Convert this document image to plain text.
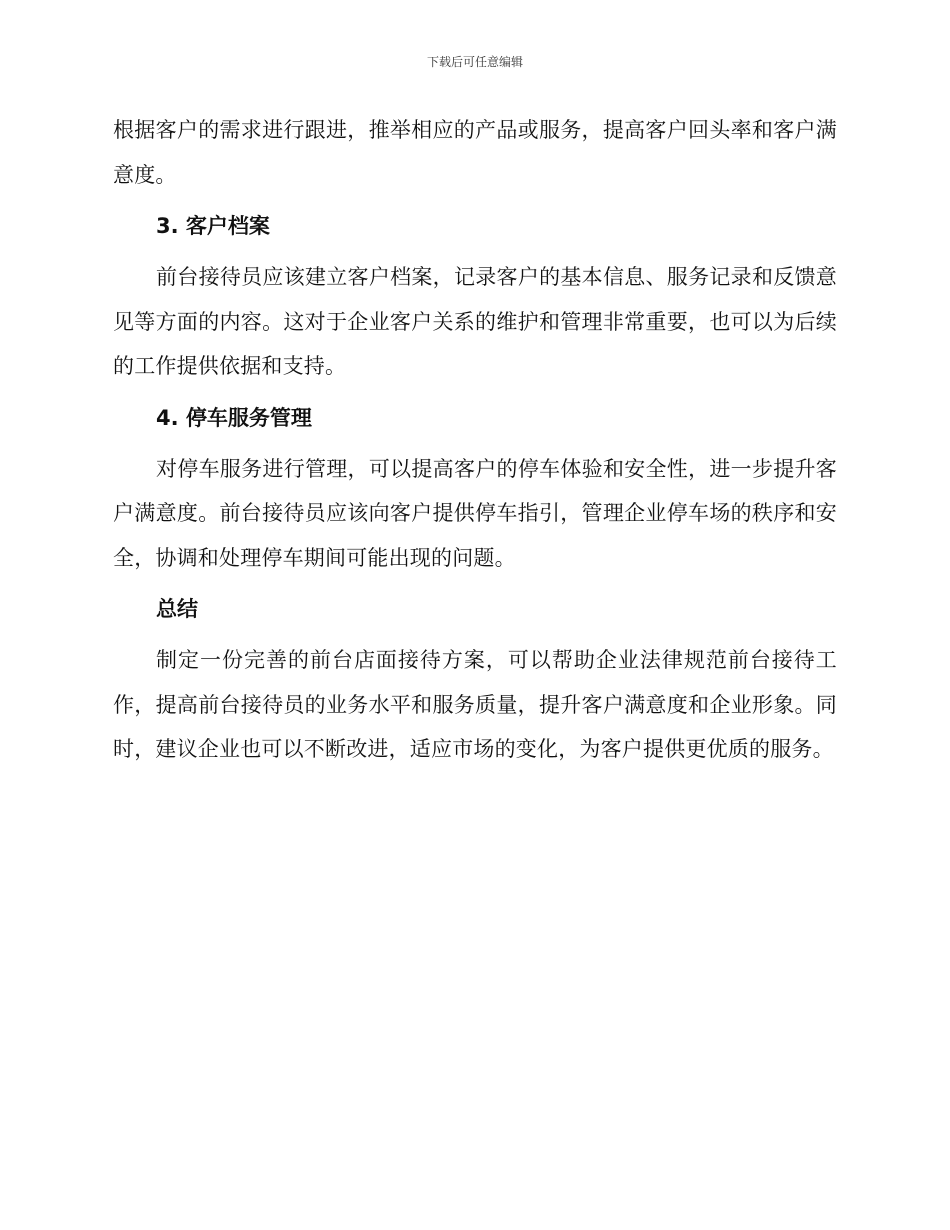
下载后可任意编辑

根据客户的需求进行跟进，推举相应的产品或服务，提高客户回头率和客户满意度。

3. 客户档案

前台接待员应该建立客户档案，记录客户的基本信息、服务记录和反馈意见等方面的内容。这对于企业客户关系的维护和管理非常重要，也可以为后续的工作提供依据和支持。

4. 停车服务管理

对停车服务进行管理，可以提高客户的停车体验和安全性，进一步提升客户满意度。前台接待员应该向客户提供停车指引，管理企业停车场的秩序和安全，协调和处理停车期间可能出现的问题。

总结

制定一份完善的前台店面接待方案，可以帮助企业法律规范前台接待工作，提高前台接待员的业务水平和服务质量，提升客户满意度和企业形象。同时，建议企业也可以不断改进，适应市场的变化，为客户提供更优质的服务。
